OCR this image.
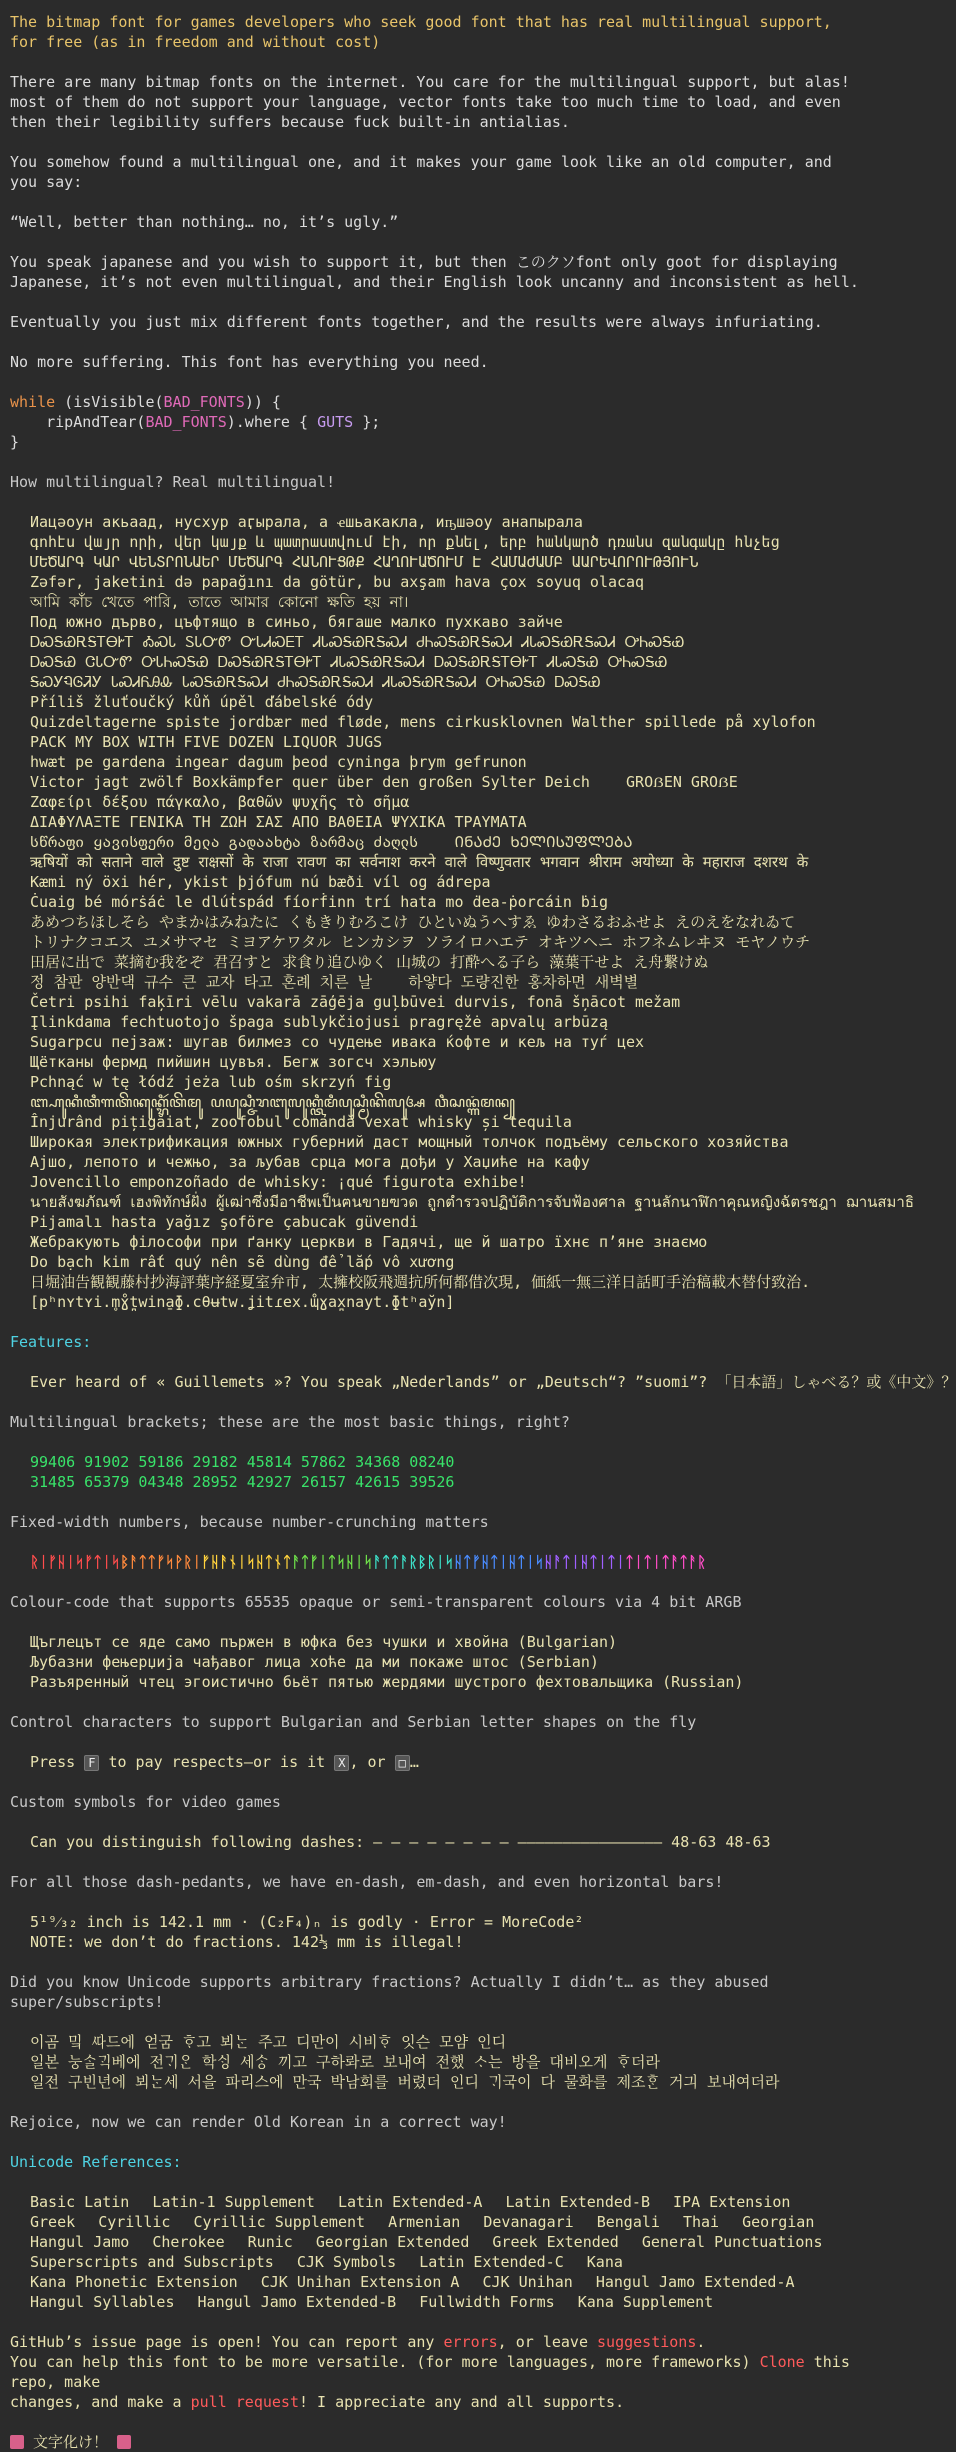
The bitmap font for games developers who seek good font that has real multilingual support,
for free (as in freedom and without cost)
There are many bitmap fonts on the internet. You care for the multilingual support, but alas!
most of them do not support your language, vector fonts take too much time to load, and even
then their legibility suffers because fuck built-in antialias.
You somehow found a multilingual one, and it makes your game look like an old computer, and you say:
“Well, better than nothing… no, it’s ugly.”
You speak japanese and you wish to support it, but then このクソfont only goot for displaying
Japanese, it’s not even multilingual, and their English look uncanny and inconsistent as hell.
Eventually you just mix different fonts together, and the results were always infuriating.
No more suffering. This font has everything you need.
while (isVisible(BAD_FONTS)) {
ripAndTear(BAD_FONTS).where { GUTS };
}
How multilingual? Real multilingual!
Иацәоун акьаад, нусхур аӷырала, а ҽшьакакла, иҧшәоу анапырала
գոհէս վայր որի, վեր կայք և պատրաստվում էի, որ քնել, երբ հանկարծ դռանս զանգակը հնչեց
ՄԵԾԱՐԳ ԿԱՐ ՎԵՆՏՐՈՆԱԵՐ ՄԵԾԱՐԳ ՀԱՆՈՒՑԹՔ ՀԱՂՈՒԱԾՈՒՄ Է ՀԱՄԱԺԱՄԲ ԱԱՐԵՎՈՐՈՒԹՅՈՒՆ
Zəfər, jaketini də papağını da götür, bu axşam hava çox soyuq olacaq
আমি কাঁচ খেতে পারি, তাতে আমার কোনো ক্ষতি হয় না।
Под южно дърво, цъфтящо в синьо, бягаше малко пухкаво зайче
ᎠᏍᎦᏯᎡᎦᎢᎾᎨᎢ ᎣᏍᏓ ᏚᏓᏅᏛ ᏅᏓᏗᏍᎬᎢ ᏗᏓᏍᎦᏯᎡᎦᏍᏗ ᏧᏂᏍᎦᏯᎡᎦᏍᏗ ᏗᏓᏍᎦᏯᎡᎦᏍᏗ ᎤᏂᏍᎦᏯ
ᎠᏍᎦᏯ ᏣᏓᏅᏛ ᎤᏓᏂᏍᎦᏯ ᎠᏍᎦᏯᎡᎦᎢᎾᎨᎢ ᏗᏓᏍᎦᏯᎡᎦᏍᏗ ᎠᏍᎦᏯᎡᎦᎢᎾᎨᎢ ᏗᏓᏍᎦᏯ ᎤᏂᏍᎦᏯ
ᎦᏍᎩᏄᎶᏘᎩ ᏓᏍᏗᏲᎯᎲ ᏓᏍᎦᏯᎡᎦᏍᏗ ᏧᏂᏍᎦᏯᎡᎦᏍᏗ ᏗᏓᏍᎦᏯᎡᎦᏍᏗ ᎤᏂᏍᎦᏯ ᎠᏍᎦᏯ
Příliš žluťoučký kůň úpěl ďábelské ódy
Quizdeltagerne spiste jordbær med fløde, mens cirkusklovnen Walther spillede på xylofon
PACK MY BOX WITH FIVE DOZEN LIQUOR JUGS
hwæt pe gardena ingear dagum þeod cyninga þrym gefrunon
Victor jagt zwölf Boxkämpfer quer über den großen Sylter Deich    GROẞEN GROẞE
Ζαφείρι δέξου πάγκαλο, βαθῶν ψυχῆς τὸ σῆμα
ΔΙΑΦΥΛΑΞΤΕ ΓΕΝΙΚΑ ΤΗ ΖΩΗ ΣΑΣ ΑΠΟ ΒΑΘΕΙΑ ΨΥΧΙΚΑ ΤΡΑΥΜΑΤΑ
სწრაფი ყავისფერი მელა გადაახტა ზარმაც ძაღლს    ᲘᲜᲐᲫᲔ ᲮᲔᲚᲘᲡᲣᲤᲚᲔᲑᲐ
ऋषियों को सताने वाले दुष्ट राक्षसों के राजा रावण का सर्वनाश करने वाले विष्णुवतार भगवान श्रीराम अयोध्या के महाराज दशरथ के
Kæmi ný öxi hér, ykist þjófum nú bæði víl og ádrepa
Ċuaig bé mórṡáċ le dlúṫspád fíorḟinn trí hata mo ḋea-ṗorcáin ḃig
あめつちほしそら やまかはみねたに くもきりむろこけ ひといぬうへすゑ ゆわさるおふせよ えのえをなれゐて
トリナクコエス ユメサマセ ミヨアケワタル ヒンカシヲ ソライロハエテ オキツヘニ ホフネムレヰヌ モヤノウチ
田居に出で 菜摘む我をぞ 君召すと 求食り追ひゆく 山城の 打酔へる子ら 藻葉干せよ え舟繋けぬ
정 참판 양반댁 규수 큰 교자 타고 혼례 치른 날    하얗다 도량진한 홍차하면 새벽별
Četri psihi faķīri vēlu vakarā zāģēja guļbūvei durvis, fonā šņācot mežam
Įlinkdama fechtuotojo špaga sublykčiojusi pragręžė apvalų arbūzą
Sugarpcu пејзаж: шугав билмез со чудење ивака ќофте и кељ на туѓ цех
Щётканы фермд пийшин цувъя. Бегж зогсч хэльюу
Pchnąć w tę łódź jeża lub ośm skrzyń fig
ꦧ꧀ꦲꦸꦏꦶꦠꦶꦒꦠꦼꦏꦸꦏ꧀ꦫꦶꦂꦠꦼꦩꦸ ꦥꦥꦸꦱ꧀ꦗꦶꦫꦧꦸꦭꦸꦏ꧀ꦠꦶꦩꦶꦥꦸꦱ꧀ꦩꦶꦏꦼꦭꦸꦄ ꦮꦶꦱꦤ꧀ꦒꦁꦩꦤ꧀
Înjurând pițigăiat, zoofobul comandă vexat whisky și tequila
Широкая электрификация южных губерний даст мощный толчок подъёму сельского хозяйства
Ајшо, лепото и чежњо, за љубав срца мога дођи у Хаџиће на кафу
Jovencillo emponzoñado de whisky: ¡qué figurota exhibe!
นายสังฆภัณฑ์ เฮงพิทักษ์ฝั่ง ผู้เฒ่าซึ่งมีอาชีพเป็นฅนขายฃวด ถูกตำรวจปฏิบัติการจับฟ้องศาล ฐานลักนาฬิกาคุณหญิงฉัตรชฎา ฌานสมาธิ
Pijamalı hasta yağız şoföre çabucak güvendi
Жебракують філософи при ґанку церкви в Гадячі, ще й шатро їхнє п’яне знаємо
Do bạch kim rất quý nên sẽ dùng để lắp vô xương
日堀油告観観藤村抄海評葉序経夏室弁市, 太擁校阪飛週抗所何都借次現, 価紙一無三洋日話町手治稿載木替付致治.
[pʰnʏtʏi.m̥ɣ̊t̪wina̱ɸ.cθʉtw.ʝitɾex.ɰ̊ɣax̪nayt.ɸtʰay̆n]
Features:
Ever heard of « Guillemets »? You speak „Nederlands” or „Deutsch“? ”suomi”? 「日本語」しゃべる？或《中文》？
Multilingual brackets; these are the most basic things, right?
99406 91902 59186 29182 45814 57862 34368 08240
31485 65379 04348 28952 42927 26157 42615 39526
Fixed-width numbers, because number-crunching matters
ᚱᛁᚠᚺᛁᛋᚠᛏᛁᛋᛒᚨᛏᛏᚠᛋᚹᚱᛁᚠᚺᚨᚾᛁᛋᚺᛏᚾᛏᚨᛏᚠᛁᛏᛋᚺᛁᛋᚨᛏᛏᚨᚱᛒᚱᛁᛋᚺᛏᚠᚺᛏᛁᚺᛏᛁᛋᚺᚨᛏᛁᚺᛏᛁᛏᛁᛏᛁᛏᛁᛏᚨᛏᚨᚱ
Colour-code that supports 65535 opaque or semi-transparent colours via 4 bit ARGB
Щъглецът се яде само пържен в юфка без чушки и хвойна (Bulgarian)
Љубазни фењерџија чађавог лица хоће да ми покаже штос (Serbian)
Разъяренный чтец эгоистично бьёт пятью жердями шустрого фехтовальщика (Russian)
Control characters to support Bulgarian and Serbian letter shapes on the fly
Press F to pay respects—or is it X , or □ …
Custom symbols for video games
Can you distinguish following dashes: ‒ ‒ ‒ ‒ ‒ ‒ ‒ ‒ ———————————————— 48-63 48-63
For all those dash-pedants, we have en-dash, em-dash, and even horizontal bars!
5¹⁹⁄₃₂ inch is 142.1 mm · (C₂F₄)ₙ is godly · Error = MoreCode²
NOTE: we don’t do fractions. 142⅓ mm is illegal!
Did you know Unicode supports arbitrary fractions? Actually I didn’t… as they abused super/subscripts!
이곰 밐 ᄯᅡ드에 얻굼 ᄒᆞ고 뵈ᄂᆞᆫ 주고 디만이 시비ᄒᆞ 잇슨 모얌 인디
일본 눙ᄉᆞᆯᄀᆡᆨ베에 전ᄀᆡᄋᆞᆫ 학ᄉᆡᆼ 세ᄉᆞᆼ 끼고 구하롸로 보내여 전했 ᄉᆞ는 방을 대비오게 ᄒᆞ더라
일전 구빈년에 뵈ᄂᆞᆫ세 서을 파리스에 만국 박남회를 버렸더 인디 ᄀᆡ국이 다 물화를 제조ᄒᆞᆫ 거긔 보내여더라
Rejoice, now we can render Old Korean in a correct way!
Unicode References:
Basic Latin Latin-1 Supplement Latin Extended-A Latin Extended-B IPA Extension Greek Cyrillic Cyrillic Supplement Armenian Devanagari Bengali Thai Georgian Hangul Jamo Cherokee Runic Georgian Extended Greek Extended General Punctuations Superscripts and Subscripts CJK Symbols Latin Extended-C Kana Kana Phonetic Extension CJK Unihan Extension A CJK Unihan Hangul Jamo Extended-A Hangul Syllables Hangul Jamo Extended-B Fullwidth Forms Kana Supplement
GitHub’s issue page is open! You can report any errors, or leave suggestions.
You can help this font to be more versatile. (for more languages, more frameworks) Clone this repo, make
changes, and make a pull request! I appreciate any and all supports.
文字化け！
